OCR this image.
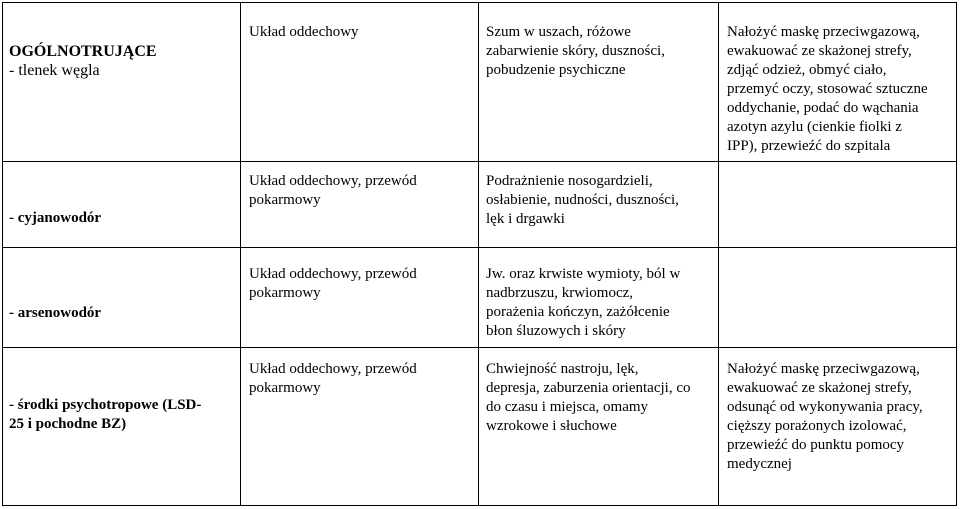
OGÓLNOTRUJĄCE
- tlenek węgla
Układ oddechowy	Szum w uszach, różowe
zabarwienie skóry, duszności,
pobudzenie psychiczne
Nałożyć maskę przeciwgazową,
ewakuować ze skażonej strefy,
zdjąć odzież, obmyć ciało,
przemyć oczy, stosować sztuczne
oddychanie, podać do wąchania
azotyn azylu (cienkie fiolki z
IPP), przewieźć do szpitala
- cyjanowodór
Układ oddechowy, przewód
pokarmowy
Podrażnienie nosogardzieli,
osłabienie, nudności, duszności,
lęk i drgawki
- arsenowodór
Układ oddechowy, przewód
pokarmowy
Jw. oraz krwiste wymioty, ból w
nadbrzuszu, krwiomocz,
porażenia kończyn, zażółcenie
błon śluzowych i skóry
- środki psychotropowe (LSD-
25 i pochodne BZ)
Układ oddechowy, przewód
pokarmowy
Chwiejność nastroju, lęk,
depresja, zaburzenia orientacji, co
do czasu i miejsca, omamy
wzrokowe i słuchowe
Nałożyć maskę przeciwgazową,
ewakuować ze skażonej strefy,
odsunąć od wykonywania pracy,
cięższy porażonych izolować,
przewieźć do punktu pomocy
medycznej
